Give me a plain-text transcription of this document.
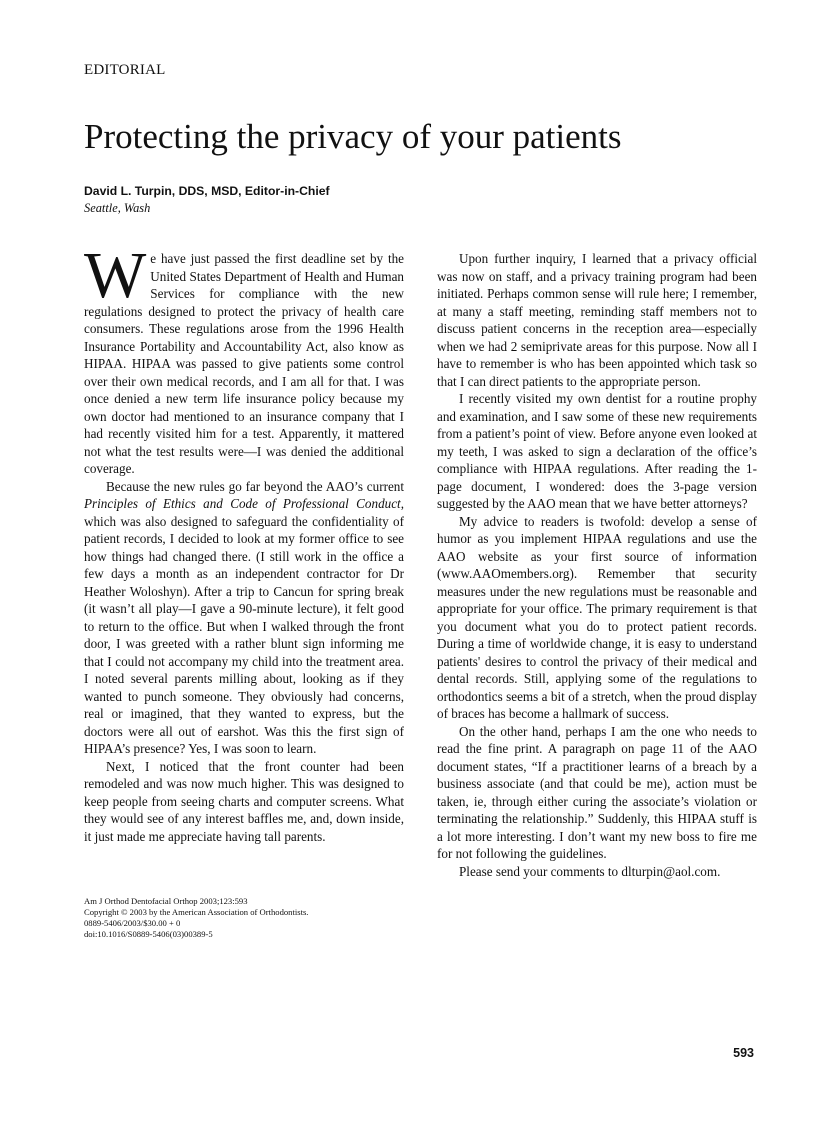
EDITORIAL
Protecting the privacy of your patients
David L. Turpin, DDS, MSD, Editor-in-Chief
Seattle, Wash

We have just passed the first deadline set by the United States Department of Health and Human Services for compliance with the new regulations designed to protect the privacy of health care consumers. These regulations arose from the 1996 Health Insurance Portability and Accountability Act, also know as HIPAA. HIPAA was passed to give patients some control over their own medical records, and I am all for that. I was once denied a new term life insurance policy because my own doctor had mentioned to an insurance company that I had recently visited him for a test. Apparently, it mattered not what the test results were—I was denied the additional coverage.

Because the new rules go far beyond the AAO’s current Principles of Ethics and Code of Professional Conduct, which was also designed to safeguard the confidentiality of patient records, I decided to look at my former office to see how things had changed there. (I still work in the office a few days a month as an independent contractor for Dr Heather Woloshyn). After a trip to Cancun for spring break (it wasn’t all play—I gave a 90-minute lecture), it felt good to return to the office. But when I walked through the front door, I was greeted with a rather blunt sign informing me that I could not accompany my child into the treatment area. I noted several parents milling about, looking as if they wanted to punch someone. They obviously had concerns, real or imagined, that they wanted to express, but the doctors were all out of earshot. Was this the first sign of HIPAA’s presence? Yes, I was soon to learn.

Next, I noticed that the front counter had been remodeled and was now much higher. This was designed to keep people from seeing charts and computer screens. What they would see of any interest baffles me, and, down inside, it just made me appreciate having tall parents.

Upon further inquiry, I learned that a privacy official was now on staff, and a privacy training program had been initiated. Perhaps common sense will rule here; I remember, at many a staff meeting, reminding staff members not to discuss patient concerns in the reception area—especially when we had 2 semiprivate areas for this purpose. Now all I have to remember is who has been appointed which task so that I can direct patients to the appropriate person.

I recently visited my own dentist for a routine prophy and examination, and I saw some of these new requirements from a patient’s point of view. Before anyone even looked at my teeth, I was asked to sign a declaration of the office’s compliance with HIPAA regulations. After reading the 1-page document, I wondered: does the 3-page version suggested by the AAO mean that we have better attorneys?

My advice to readers is twofold: develop a sense of humor as you implement HIPAA regulations and use the AAO website as your first source of information (www.AAOmembers.org). Remember that security measures under the new regulations must be reasonable and appropriate for your office. The primary requirement is that you document what you do to protect patient records. During a time of worldwide change, it is easy to understand patients' desires to control the privacy of their medical and dental records. Still, applying some of the regulations to orthodontics seems a bit of a stretch, when the proud display of braces has become a hallmark of success.

On the other hand, perhaps I am the one who needs to read the fine print. A paragraph on page 11 of the AAO document states, “If a practitioner learns of a breach by a business associate (and that could be me), action must be taken, ie, through either curing the associate’s violation or terminating the relationship.” Suddenly, this HIPAA stuff is a lot more interesting. I don’t want my new boss to fire me for not following the guidelines.

Please send your comments to dlturpin@aol.com.

Am J Orthod Dentofacial Orthop 2003;123:593
Copyright © 2003 by the American Association of Orthodontists.
0889-5406/2003/$30.00 + 0
doi:10.1016/S0889-5406(03)00389-5
593
